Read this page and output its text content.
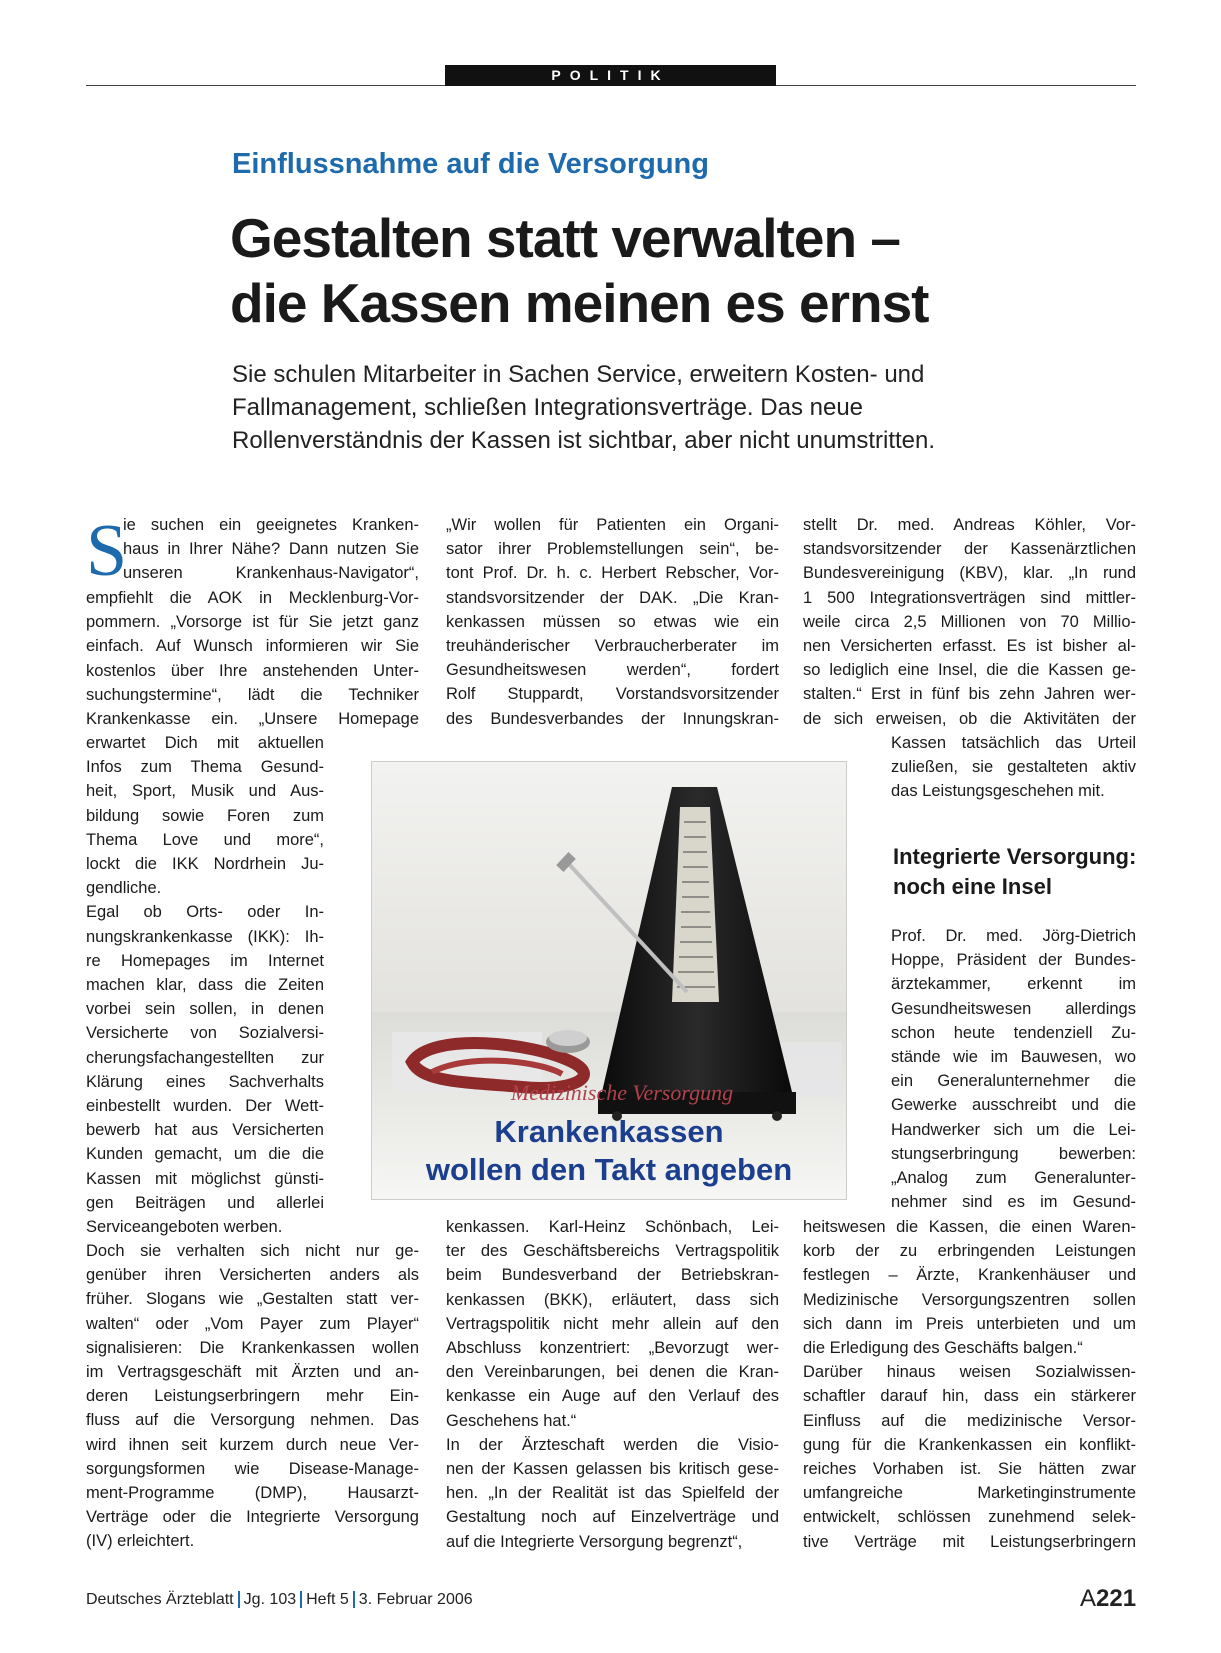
POLITIK
Einflussnahme auf die Versorgung
Gestalten statt verwalten –
die Kassen meinen es ernst
Sie schulen Mitarbeiter in Sachen Service, erweitern Kosten- und
Fallmanagement, schließen Integrationsverträge. Das neue
Rollenverständnis der Kassen ist sichtbar, aber nicht unumstritten.
S
ie suchen ein geeignetes Kranken-
haus in Ihrer Nähe? Dann nutzen Sie
unseren Krankenhaus-Navigator“,
empfiehlt die AOK in Mecklenburg-Vor-
pommern. „Vorsorge ist für Sie jetzt ganz
einfach. Auf Wunsch informieren wir Sie
kostenlos über Ihre anstehenden Unter-
suchungstermine“, lädt die Techniker
Krankenkasse ein. „Unsere Homepage
erwartet Dich mit aktuellen
Infos zum Thema Gesund-
heit, Sport, Musik und Aus-
bildung sowie Foren zum
Thema Love und more“,
lockt die IKK Nordrhein Ju-
gendliche.
Egal ob Orts- oder In-
nungskrankenkasse (IKK): Ih-
re Homepages im Internet
machen klar, dass die Zeiten
vorbei sein sollen, in denen
Versicherte von Sozialversi-
cherungsfachangestellten zur
Klärung eines Sachverhalts
einbestellt wurden. Der Wett-
bewerb hat aus Versicherten
Kunden gemacht, um die die
Kassen mit möglichst günsti-
gen Beiträgen und allerlei
Serviceangeboten werben.
Doch sie verhalten sich nicht nur ge-
genüber ihren Versicherten anders als
früher. Slogans wie „Gestalten statt ver-
walten“ oder „Vom Payer zum Player“
signalisieren: Die Krankenkassen wollen
im Vertragsgeschäft mit Ärzten und an-
deren Leistungserbringern mehr Ein-
fluss auf die Versorgung nehmen. Das
wird ihnen seit kurzem durch neue Ver-
sorgungsformen wie Disease-Manage-
ment-Programme (DMP), Hausarzt-
Verträge oder die Integrierte Versorgung
(IV) erleichtert.
„Wir wollen für Patienten ein Organi-
sator ihrer Problemstellungen sein“, be-
tont Prof. Dr. h. c. Herbert Rebscher, Vor-
standsvorsitzender der DAK. „Die Kran-
kenkassen müssen so etwas wie ein
treuhänderischer Verbraucherberater im
Gesundheitswesen werden“, fordert
Rolf Stuppardt, Vorstandsvorsitzender
des Bundesverbandes der Innungskran-
kenkassen. Karl-Heinz Schönbach, Lei-
ter des Geschäftsbereichs Vertragspolitik
beim Bundesverband der Betriebskran-
kenkassen (BKK), erläutert, dass sich
Vertragspolitik nicht mehr allein auf den
Abschluss konzentriert: „Bevorzugt wer-
den Vereinbarungen, bei denen die Kran-
kenkasse ein Auge auf den Verlauf des
Geschehens hat.“
In der Ärzteschaft werden die Visio-
nen der Kassen gelassen bis kritisch gese-
hen. „In der Realität ist das Spielfeld der
Gestaltung noch auf Einzelverträge und
auf die Integrierte Versorgung begrenzt“,
stellt Dr. med. Andreas Köhler, Vor-
standsvorsitzender der Kassenärztlichen
Bundesvereinigung (KBV), klar. „In rund
1 500 Integrationsverträgen sind mittler-
weile circa 2,5 Millionen von 70 Millio-
nen Versicherten erfasst. Es ist bisher al-
so lediglich eine Insel, die die Kassen ge-
stalten.“ Erst in fünf bis zehn Jahren wer-
de sich erweisen, ob die Aktivitäten der
Kassen tatsächlich das Urteil
zuließen, sie gestalteten aktiv
das Leistungsgeschehen mit.
Integrierte Versorgung:
noch eine Insel
Prof. Dr. med. Jörg-Dietrich
Hoppe, Präsident der Bundes-
ärztekammer, erkennt im
Gesundheitswesen allerdings
schon heute tendenziell Zu-
stände wie im Bauwesen, wo
ein Generalunternehmer die
Gewerke ausschreibt und die
Handwerker sich um die Lei-
stungserbringung bewerben:
„Analog zum Generalunter-
nehmer sind es im Gesund-
heitswesen die Kassen, die einen Waren-
korb der zu erbringenden Leistungen
festlegen – Ärzte, Krankenhäuser und
Medizinische Versorgungszentren sollen
sich dann im Preis unterbieten und um
die Erledigung des Geschäfts balgen.“
Darüber hinaus weisen Sozialwissen-
schaftler darauf hin, dass ein stärkerer
Einfluss auf die medizinische Versor-
gung für die Krankenkassen ein konflikt-
reiches Vorhaben ist. Sie hätten zwar
umfangreiche Marketinginstrumente
entwickelt, schlössen zunehmend selek-
tive Verträge mit Leistungserbringern
Medizinische Versorgung
Krankenkassen
wollen den Takt angeben
Deutsches Ärzteblatt Jg. 103 Heft 5 3. Februar 2006	A221
